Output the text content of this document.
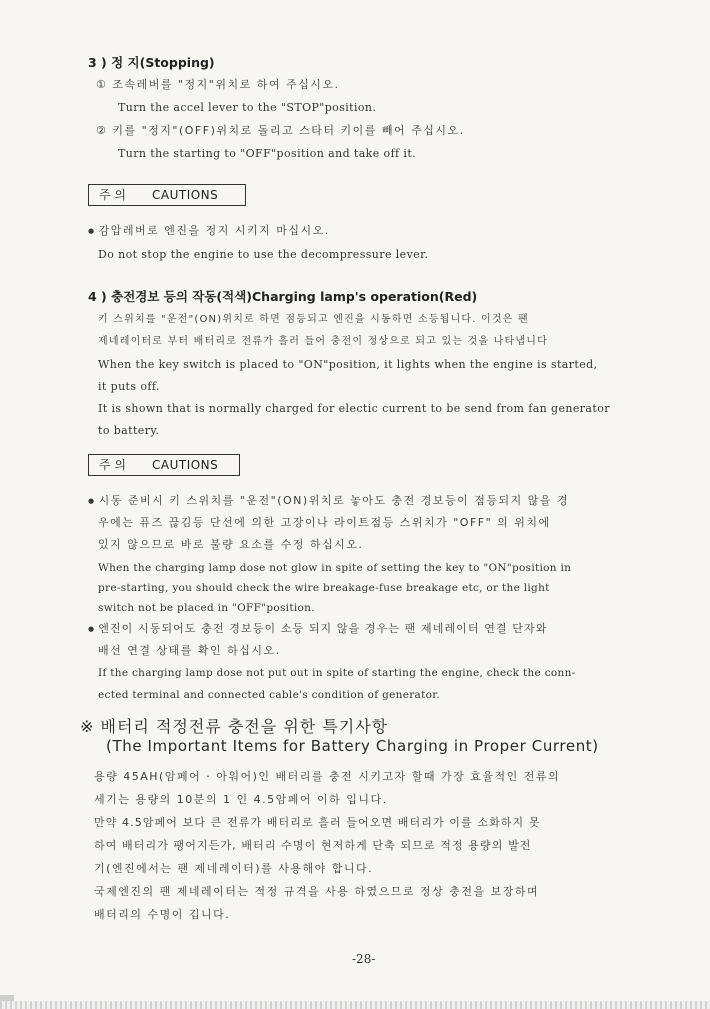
3 ) 정 지(Stopping)
① 조속레버를 "정지"위치로 하여 주십시오.
Turn the accel lever to the "STOP"position.
② 키를 "정지"(OFF)위치로 돌리고 스타터 키이를 빼어 주십시오.
Turn the starting to "OFF"position and take off it.
주 의 CAUTIONS
● 감압레버로 엔진을 정지 시키지 마십시오.
Do not stop the engine to use the decompressure lever.
4 ) 충전경보 등의 작동(적색)Charging lamp's operation(Red)
키 스위치를 "운전"(ON)위치로 하면 점등되고 엔진을 시동하면 소등됩니다. 이것은 팬
제네레이터로 부터 배터리로 전류가 흘러 들어 충전이 정상으로 되고 있는 것을 나타냅니다
When the key switch is placed to "ON"position, it lights when the engine is started,
it puts off.
It is shown that is normally charged for electic current to be send from fan generator
to battery.
주 의 CAUTIONS
● 시동 준비시 키 스위치를 "운전"(ON)위치로 놓아도 충전 경보등이 점등되지 않을 경
우에는 퓨즈 끊김등 단선에 의한 고장이나 라이트점등 스위치가 "OFF" 의 위치에
있지 않으므로 바로 불량 요소를 수정 하십시오.
When the charging lamp dose not glow in spite of setting the key to "ON"position in
pre-starting, you should check the wire breakage-fuse breakage etc, or the light
switch not be placed in "OFF"position.
● 엔진이 시동되어도 충전 경보등이 소등 되지 않을 경우는 팬 제네레이터 연결 단자와
배선 연결 상태를 확인 하십시오.
If the charging lamp dose not put out in spite of starting the engine, check the conn-
ected terminal and connected cable's condition of generator.
※ 배터리 적정전류 충전을 위한 특기사항
(The Important Items for Battery Charging in Proper Current)
용량 45AH(암페어 · 아워어)인 배터리를 충전 시키고자 할때 가장 효율적인 전류의
세기는 용량의 10분의 1 인 4.5암페어 이하 입니다.
만약 4.5암페어 보다 큰 전류가 배터리로 흘러 들어오면 배터리가 이를 소화하지 못
하여 배터리가 팽어지든가, 배터리 수명이 현저하게 단축 되므로 적정 용량의 발전
기(엔진에서는 팬 제네레이터)를 사용해야 합니다.
국제엔진의 팬 제네레이터는 적정 규격을 사용 하였으므로 정상 충전을 보장하며
배터리의 수명이 깁니다.
-28-
